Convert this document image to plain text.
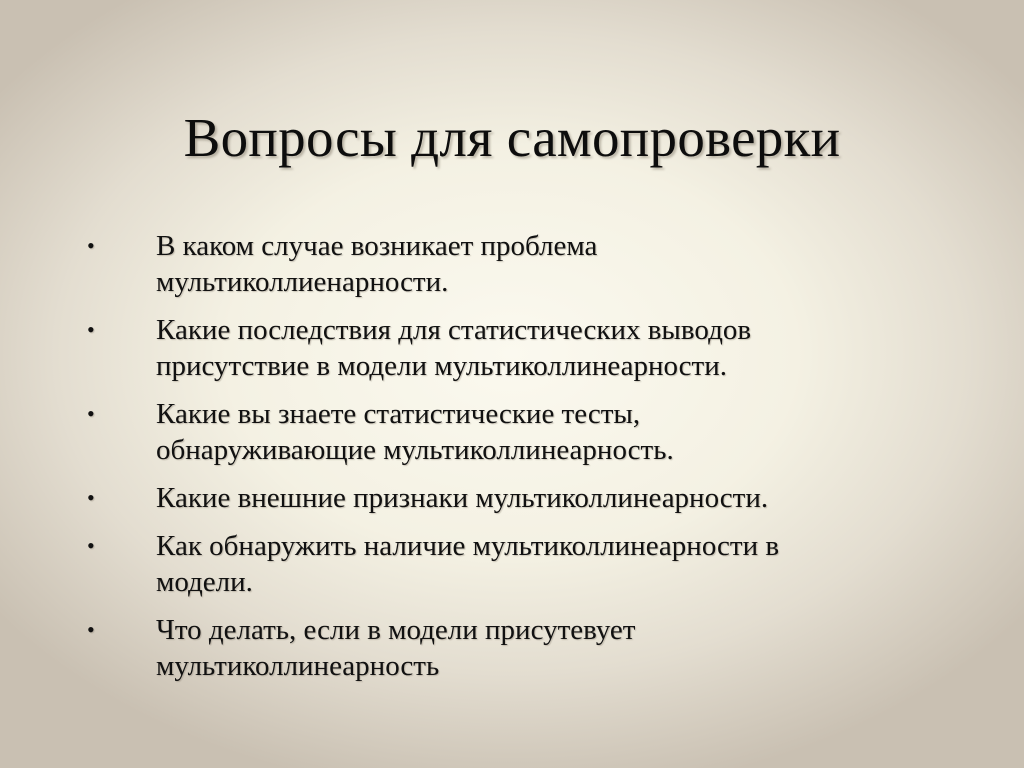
Вопросы для самопроверки
• В каком случае возникает проблема
мультиколлиенарности.
• Какие последствия для статистических выводов
присутствие в модели мультиколлинеарности.
• Какие вы знаете статистические тесты,
обнаруживающие мультиколлинеарность.
• Какие внешние признаки мультиколлинеарности.
• Как обнаружить наличие мультиколлинеарности в
модели.
• Что делать, если в модели присутевует
мультиколлинеарность
